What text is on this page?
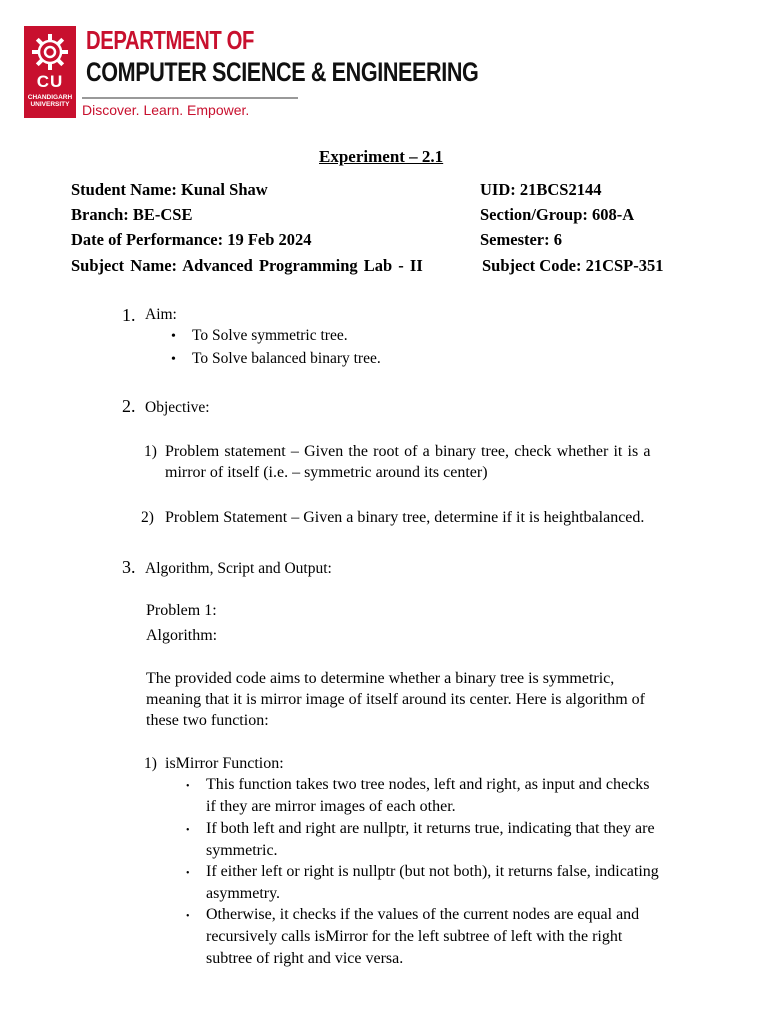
CU
CHANDIGARH
UNIVERSITY
DEPARTMENT OF
COMPUTER SCIENCE & ENGINEERING
Discover. Learn. Empower.
Experiment – 2.1
Student Name: Kunal Shaw	UID: 21BCS2144
Branch: BE-CSE	Section/Group: 608-A
Date of Performance: 19 Feb 2024	Semester: 6
Subject Name: Advanced Programming Lab - II	Subject Code: 21CSP-351
1. Aim:
• To Solve symmetric tree.
• To Solve balanced binary tree.
2. Objective:
1) Problem statement – Given the root of a binary tree, check whether it is a
mirror of itself (i.e. – symmetric around its center)
2) Problem Statement – Given a binary tree, determine if it is heightbalanced.
3. Algorithm, Script and Output:
Problem 1:
Algorithm:
The provided code aims to determine whether a binary tree is symmetric,
meaning that it is mirror image of itself around its center. Here is algorithm of
these two function:
1) isMirror Function:
• This function takes two tree nodes, left and right, as input and checks
if they are mirror images of each other.
• If both left and right are nullptr, it returns true, indicating that they are
symmetric.
• If either left or right is nullptr (but not both), it returns false, indicating
asymmetry.
• Otherwise, it checks if the values of the current nodes are equal and
recursively calls isMirror for the left subtree of left with the right
subtree of right and vice versa.
